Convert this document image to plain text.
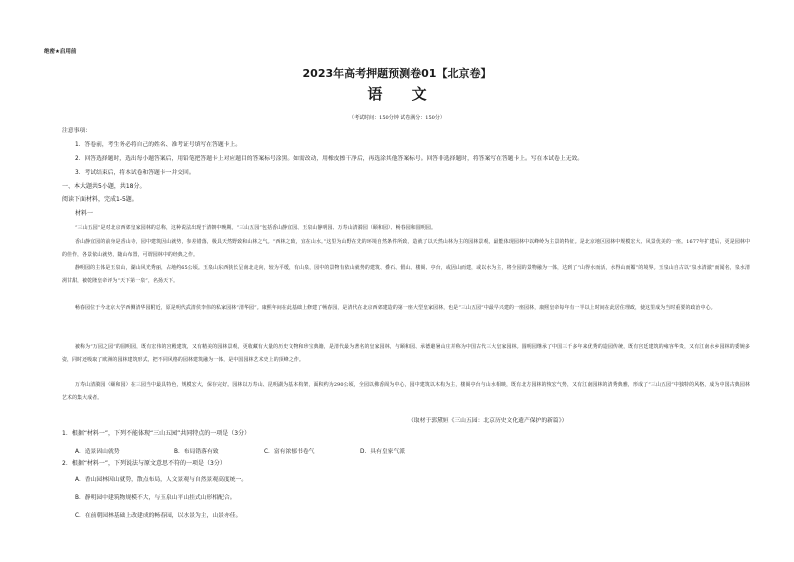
绝密★启用前
2023年高考押题预测卷01【北京卷】
语 文
（考试时间：150分钟 试卷满分：150分）
注意事项：
1．答卷前，考生务必将自己的姓名、准考证号填写在答题卡上。
2．回答选择题时，选出每小题答案后，用铅笔把答题卡上对应题目的答案标号涂黑。如需改动，用橡皮擦干净后，再选涂其他答案标号。回答非选择题时，将答案写在答题卡上。写在本试卷上无效。
3．考试结束后，将本试卷和答题卡一并交回。
一、本大题共5小题，共18分。
阅读下面材料，完成1-5题。
材料一
“三山五园”是对北京西郊皇家园林的总称，这种说法出现于清朝中晚期。“三山五园”包括香山静宜园、玉泉山静明园、万寿山清漪园（颐和园）、畅春园和圆明园。
香山静宜园的前身是香山寺，园中建筑因山就势，参差错落，极具天然野致和山林之气。“西林之致，宜在山水。”这里为山野在先的环境自然条件所致，造就了以天然山林为主的园林景观，最能体现园林中以峰岭为主景的特征。是北京地区园林中规模宏大、风景优美的一座。1677年扩建后，更是园林中的佳作，各景依山就势，随山布置，可谓园林中的经典之作。
静明园的主体是玉泉山，湖山风光秀丽，占地约65公顷。玉泉山东西狭长呈南北走向，较为平缓，有山泉，园中的景物有依山就势的建筑、叠石、假山、楼阁、亭台，或因山而建，或以水为主，将全园的景物融为一体，达到了“山得水而活，水得山而媚”的境界。玉泉山自古以“泉水清澈”而闻名，泉水清冽甘甜，被乾隆皇帝评为“天下第一泉”，名扬天下。
畅春园位于今北京大学西侧清华园附近，原是明代武清侯李伟的私家园林“清华园”。康熙年间在此基础上修建了畅春园，是清代在北京西郊建造的第一座大型皇家园林，也是“三山五园”中最早兴建的一座园林，康熙皇帝每年有一半以上时间在此居住理政，使这里成为当时重要的政治中心。
被称为“万园之园”的圆明园，既有宏伟的宫殿建筑，又有精美的园林景观，更收藏有大量的历史文物和珍宝典籍，是清代最为著名的皇家园林，与颐和园、承德避暑山庄并称为中国古代三大皇家园林。圆明园继承了中国三千多年来优秀的造园传统，既有宫廷建筑的雍容华贵，又有江南水乡园林的委婉多姿，同时还吸取了欧洲的园林建筑形式，把不同风格的园林建筑融为一体，是中国园林艺术史上的顶峰之作。
万寿山清漪园（颐和园）在三园当中最具特色，规模宏大，保存完好。园林以万寿山、昆明湖为基本构架，面积约为290公顷，全园以佛香阁为中心，园中建筑以木构为主，楼阁亭台与山水相映，既有北方园林的恢宏气势，又有江南园林的清秀典雅，形成了“三山五园”中独特的风格，成为中国古典园林艺术的集大成者。
（取材于郭黛姮《三山五园：北京历史文化遗产保护的新篇》）
1．根据“材料一”，下列不能体现“三山五园”共同特点的一项是（3分）
A．造景因山就势	B．布局错落有致	C．富有浓郁书卷气	D．具有皇家气派
2．根据“材料一”，下列说法与原文意思不符的一项是（3分）
A．香山园林因山就势，散点布局，人文景观与自然景观高度统一。
B．静明园中建筑物规模不大，与玉泉山平山挂式山形相配合。
C．在前朝园林基础上改建成的畅春园，以水景为主，山景亦佳。
